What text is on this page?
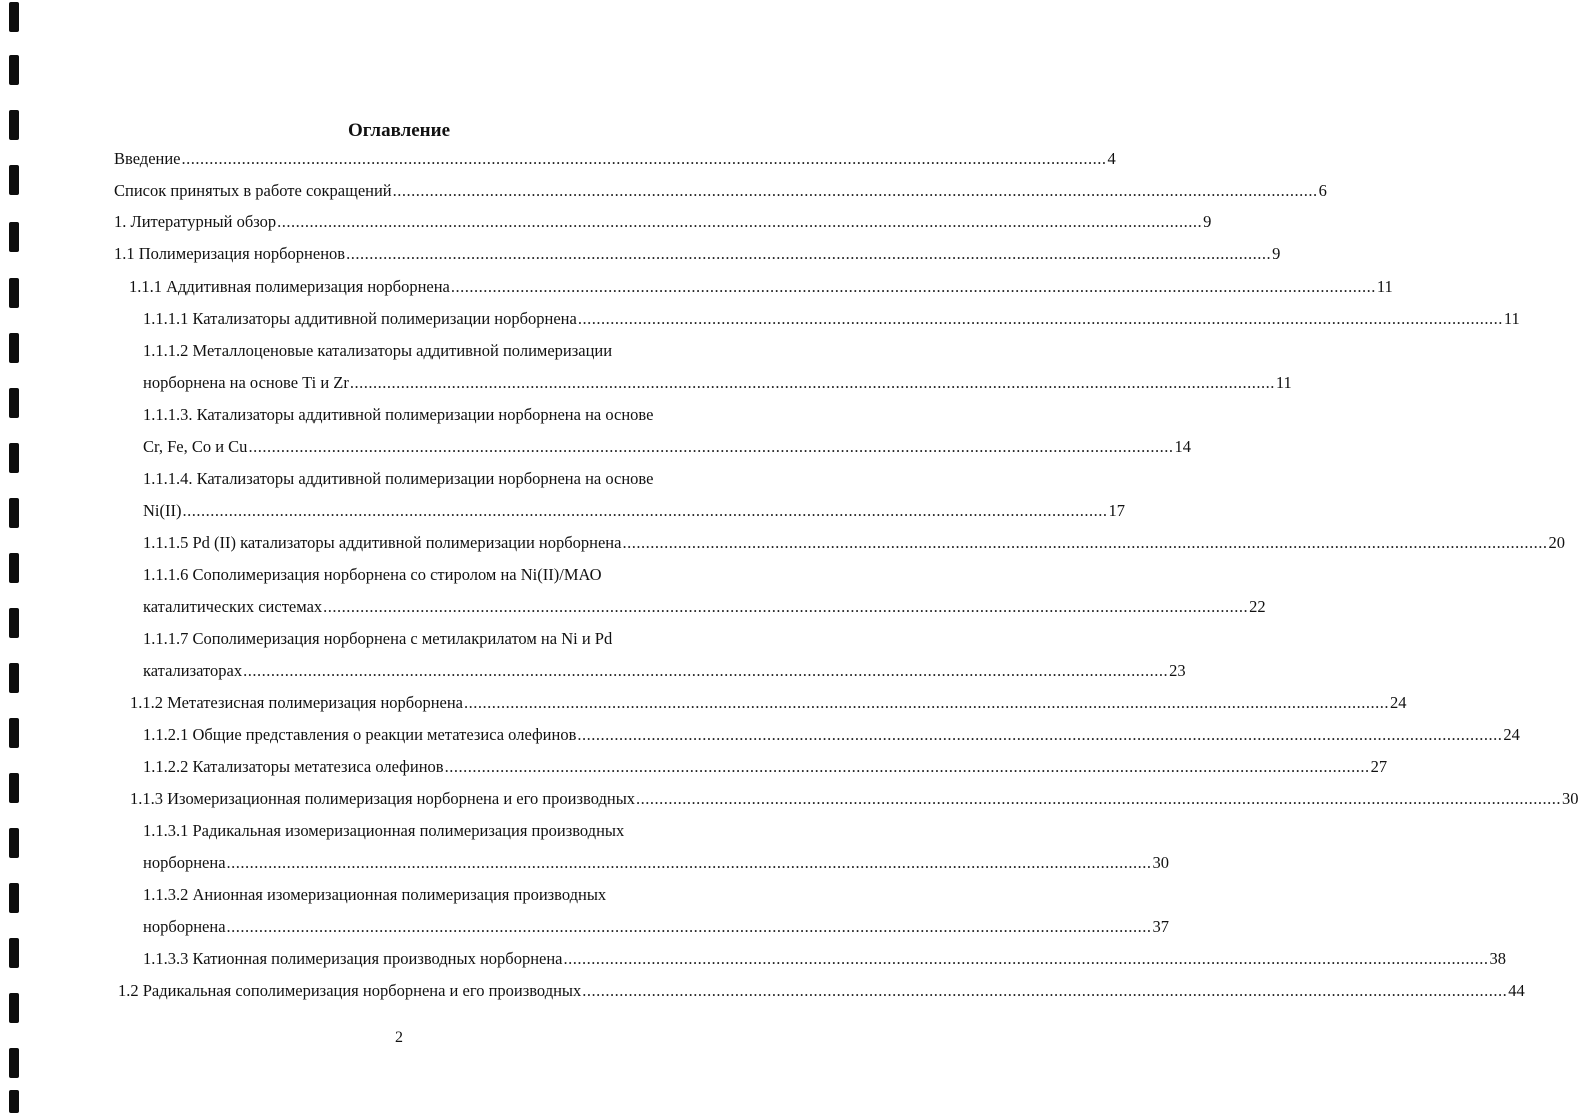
Оглавление
Введение ........................................................................................................................................................................................................ 4
Список принятых в работе сокращений ........................................................................................................................................................................................................ 6
1. Литературный обзор ........................................................................................................................................................................................................ 9
1.1 Полимеризация норборненов ........................................................................................................................................................................................................ 9
1.1.1 Аддитивная полимеризация норборнена ........................................................................................................................................................................................................ 11
1.1.1.1 Катализаторы аддитивной полимеризации норборнена ........................................................................................................................................................................................................ 11
1.1.1.2 Металлоценовые катализаторы аддитивной полимеризации
норборнена на основе Ti и Zr ........................................................................................................................................................................................................ 11
1.1.1.3. Катализаторы аддитивной полимеризации норборнена на основе
Cr, Fe, Co и Cu ........................................................................................................................................................................................................ 14
1.1.1.4. Катализаторы аддитивной полимеризации норборнена на основе
Ni(II) ........................................................................................................................................................................................................ 17
1.1.1.5 Pd (II) катализаторы аддитивной полимеризации норборнена ........................................................................................................................................................................................................ 20
1.1.1.6 Сополимеризация норборнена со стиролом на Ni(II)/МАО
каталитических системах ........................................................................................................................................................................................................ 22
1.1.1.7 Сополимеризация норборнена с метилакрилатом на Ni и Pd
катализаторах ........................................................................................................................................................................................................ 23
1.1.2 Метатезисная полимеризация норборнена ........................................................................................................................................................................................................ 24
1.1.2.1 Общие представления о реакции метатезиса олефинов ........................................................................................................................................................................................................ 24
1.1.2.2 Катализаторы метатезиса олефинов ........................................................................................................................................................................................................ 27
1.1.3 Изомеризационная полимеризация норборнена и его производных ........................................................................................................................................................................................................ 30
1.1.3.1 Радикальная изомеризационная полимеризация производных
норборнена ........................................................................................................................................................................................................ 30
1.1.3.2 Анионная изомеризационная полимеризация производных
норборнена ........................................................................................................................................................................................................ 37
1.1.3.3 Катионная полимеризация производных норборнена ........................................................................................................................................................................................................ 38
1.2 Радикальная сополимеризация норборнена и его производных ........................................................................................................................................................................................................ 44
2
